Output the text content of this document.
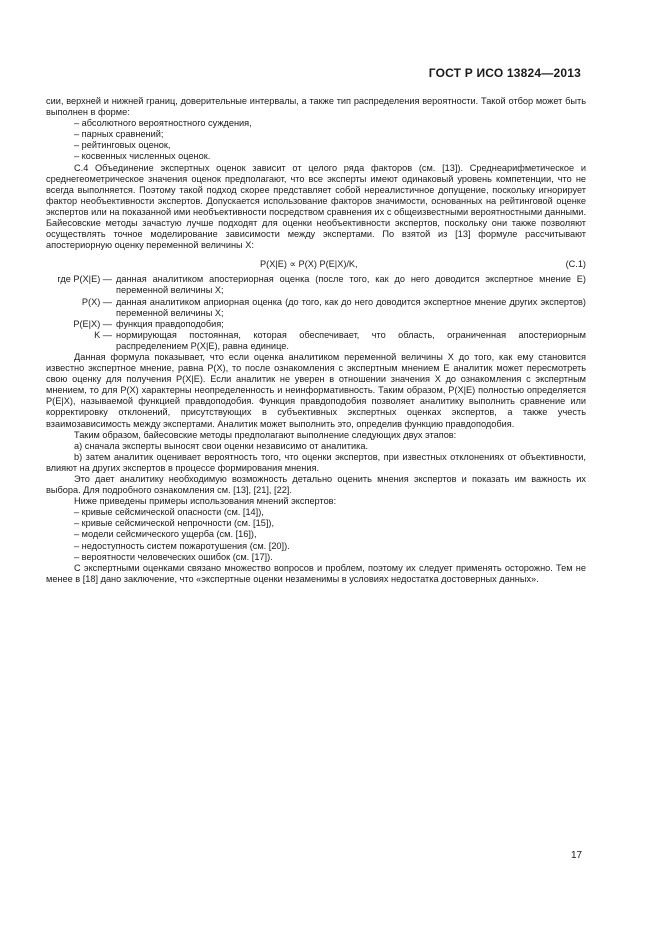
ГОСТ Р ИСО 13824—2013

сии, верхней и нижней границ, доверительные интервалы, а также тип распределения вероятности. Такой отбор может быть выполнен в форме:

– абсолютного вероятностного суждения,

– парных сравнений;

– рейтинговых оценок,

– косвенных численных оценок.

С.4 Объединение экспертных оценок зависит от целого ряда факторов (см. [13]). Среднеарифметическое и среднегеометрическое значения оценок предполагают, что все эксперты имеют одинаковый уровень компетенции, что не всегда выполняется. Поэтому такой подход скорее представляет собой нереалистичное допущение, поскольку игнорирует фактор необъективности экспертов. Допускается использование факторов значимости, основанных на рейтинговой оценке экспертов или на показанной ими необъективности посредством сравнения их с общеизвестными вероятностными данными. Байесовские методы зачастую лучше подходят для оценки необъективности экспертов, поскольку они также позволяют осуществлять точное моделирование зависимости между экспертами. По взятой из [13] формуле рассчитывают апостериорную оценку переменной величины X:

P(X|E) ∝ P(X) P(E|X)/K,	(C.1)
где P(X|E) — данная аналитиком апостериорная оценка (после того, как до него доводится экспертное мнение E) переменной величины X;
P(X) — данная аналитиком априорная оценка (до того, как до него доводится экспертное мнение других экспертов) переменной величины X;
P(E|X) — функция правдоподобия;
K — нормирующая постоянная, которая обеспечивает, что область, ограниченная апостериорным распределением P(X|E), равна единице.

Данная формула показывает, что если оценка аналитиком переменной величины X до того, как ему становится известно экспертное мнение, равна P(X), то после ознакомления с экспертным мнением E аналитик может пересмотреть свою оценку для получения P(X|E). Если аналитик не уверен в отношении значения X до ознакомления с экспертным мнением, то для P(X) характерны неопределенность и неинформативность. Таким образом, P(X|E) полностью определяется P(E|X), называемой функцией правдоподобия. Функция правдоподобия позволяет аналитику выполнить сравнение или корректировку отклонений, присутствующих в субъективных экспертных оценках экспертов, а также учесть взаимозависимость между экспертами. Аналитик может выполнить это, определив функцию правдоподобия.

Таким образом, байесовские методы предполагают выполнение следующих двух этапов:

а) сначала эксперты выносят свои оценки независимо от аналитика.

b) затем аналитик оценивает вероятность того, что оценки экспертов, при известных отклонениях от объективности, влияют на других экспертов в процессе формирования мнения.

Это дает аналитику необходимую возможность детально оценить мнения экспертов и показать им важность их выбора. Для подробного ознакомления см. [13], [21], [22].

Ниже приведены примеры использования мнений экспертов:

– кривые сейсмической опасности (см. [14]),

– кривые сейсмической непрочности (см. [15]),

– модели сейсмического ущерба (см. [16]),

– недоступность систем пожаротушения (см. [20]).

– вероятности человеческих ошибок (см. [17]).

С экспертными оценками связано множество вопросов и проблем, поэтому их следует применять осторожно. Тем не менее в [18] дано заключение, что «экспертные оценки незаменимы в условиях недостатка достоверных данных».

17
